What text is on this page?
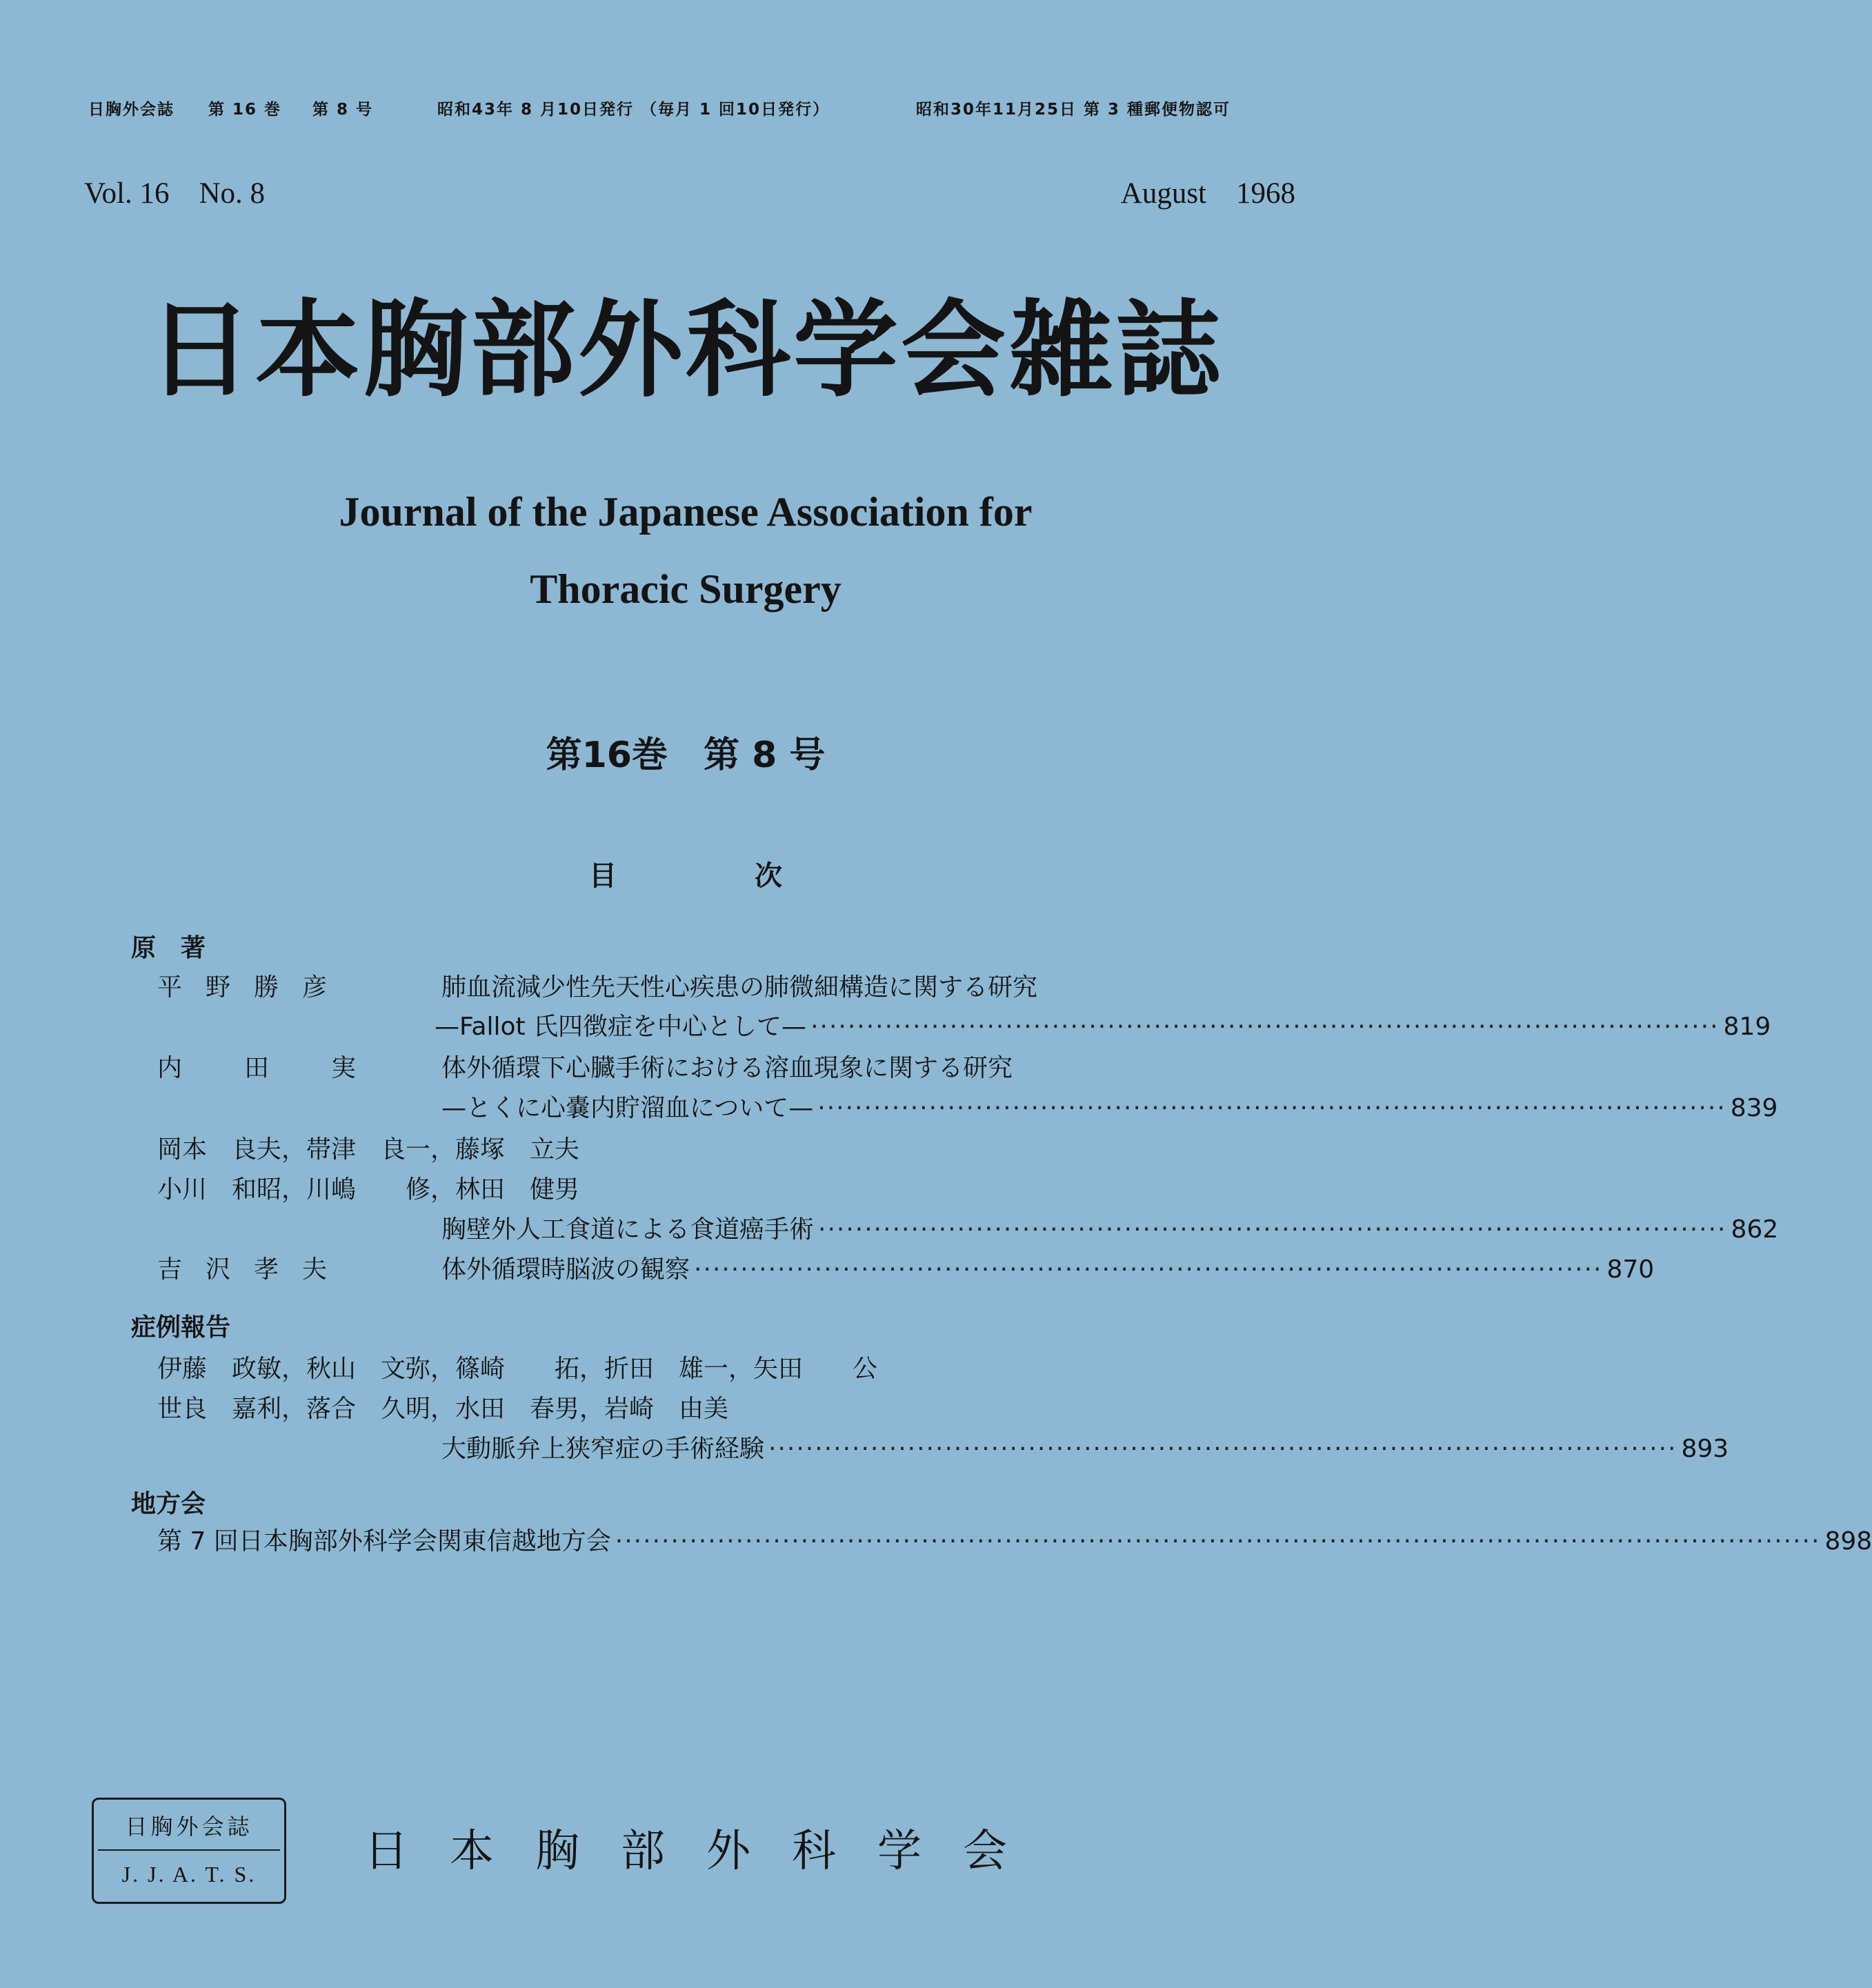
日胸外会誌 第 16 巻 第 8 号	昭和43年 8 月10日発行 （毎月 1 回10日発行）	昭和30年11月25日 第 3 種郵便物認可
Vol. 16　No. 8	August　1968
日本胸部外科学会雑誌
Journal of the Japanese Association for
Thoracic Surgery
第16巻　第 8 号
目	次
原　著
平野勝彦	肺血流減少性先天性心疾患の肺微細構造に関する研究
—Fallot 氏四徴症を中心として— ·································································································· 819
内田実 体外循環下心臓手術における溶血現象に関する研究
—とくに心嚢内貯溜血について— ·································································································· 839
岡本　良夫，帯津　良一，藤塚　立夫
小川　和昭，川嶋　　修，林田　健男
胸壁外人工食道による食道癌手術 ·································································································· 862
吉沢孝夫	体外循環時脳波の観察 ·································································································· 870
症例報告
伊藤　政敏，秋山　文弥，篠崎　　拓，折田　雄一，矢田　　公
世良　嘉利，落合　久明，水田　春男，岩崎　由美
大動脈弁上狭窄症の手術経験 ·································································································· 893
地方会
第 7 回日本胸部外科学会関東信越地方会 ·································································································································· 898
日胸外会誌
J. J. A. T. S.	日本胸部外科学会
